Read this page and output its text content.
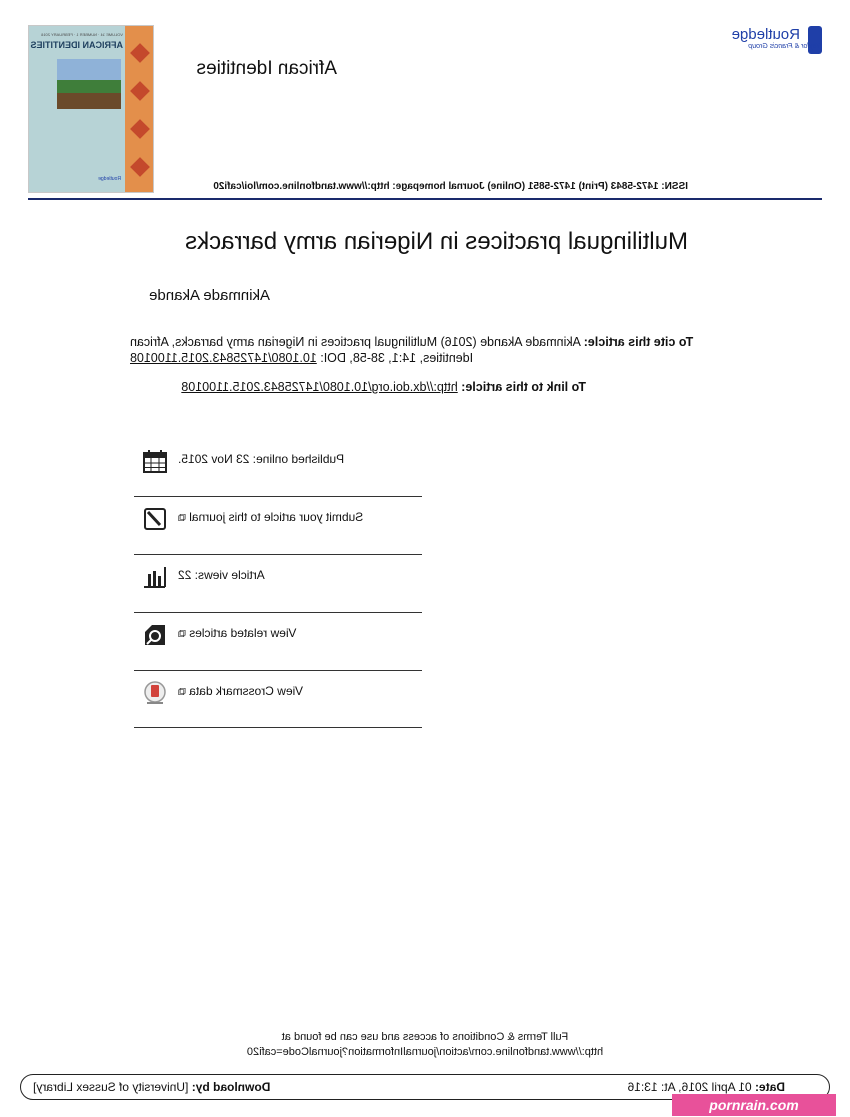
Routledge
Taylor & Francis Group
African Identities
VOLUME 14 · NUMBER 1 · FEBRUARY 2016
AFRICAN IDENTITIES
Routledge
ISSN: 1472-5843 (Print) 1472-5851 (Online) Journal homepage: http://www.tandfonline.com/loi/cafi20
Multilingual practices in Nigerian army barracks
Akinmade Akande
To cite this article: Akinmade Akande (2016) Multilingual practices in Nigerian army barracks, African Identities, 14:1, 38-58, DOI: 10.1080/14725843.2015.1100108
To link to this article: http://dx.doi.org/10.1080/14725843.2015.1100108
Published online: 23 Nov 2015.
Submit your article to this journal ⧉
Article views: 22
View related articles ⧉
View Crossmark data ⧉
Full Terms & Conditions of access and use can be found at
http://www.tandfonline.com/action/journalInformation?journalCode=cafi20
Download by: [University of Sussex Library]	Date: 01 April 2016, At: 13:16
pornrain.com
